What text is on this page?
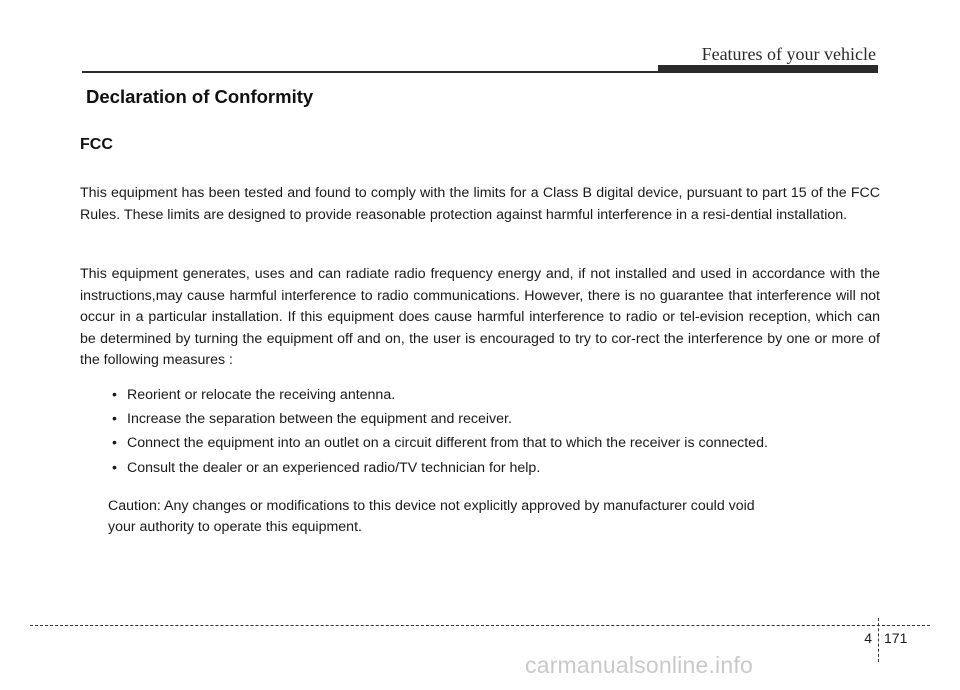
Features of your vehicle
Declaration of Conformity
FCC

This equipment has been tested and found to comply with the limits for a Class B digital device, pursuant to part 15 of the FCC Rules. These limits are designed to provide reasonable protection against harmful interference in a resi-dential installation.

This equipment generates, uses and can radiate radio frequency energy and, if not installed and used in accordance with the instructions,may cause harmful interference to radio communications. However, there is no guarantee that interference will not occur in a particular installation. If this equipment does cause harmful interference to radio or tel-evision reception, which can be determined by turning the equipment off and on, the user is encouraged to try to cor-rect the interference by one or more of the following measures :

• Reorient or relocate the receiving antenna.
• Increase the separation between the equipment and receiver.
• Connect the equipment into an outlet on a circuit different from that to which the receiver is connected.
• Consult the dealer or an experienced radio/TV technician for help.

Caution: Any changes or modifications to this device not explicitly approved by manufacturer could void
your authority to operate this equipment.

4 171
carmanualsonline.info
